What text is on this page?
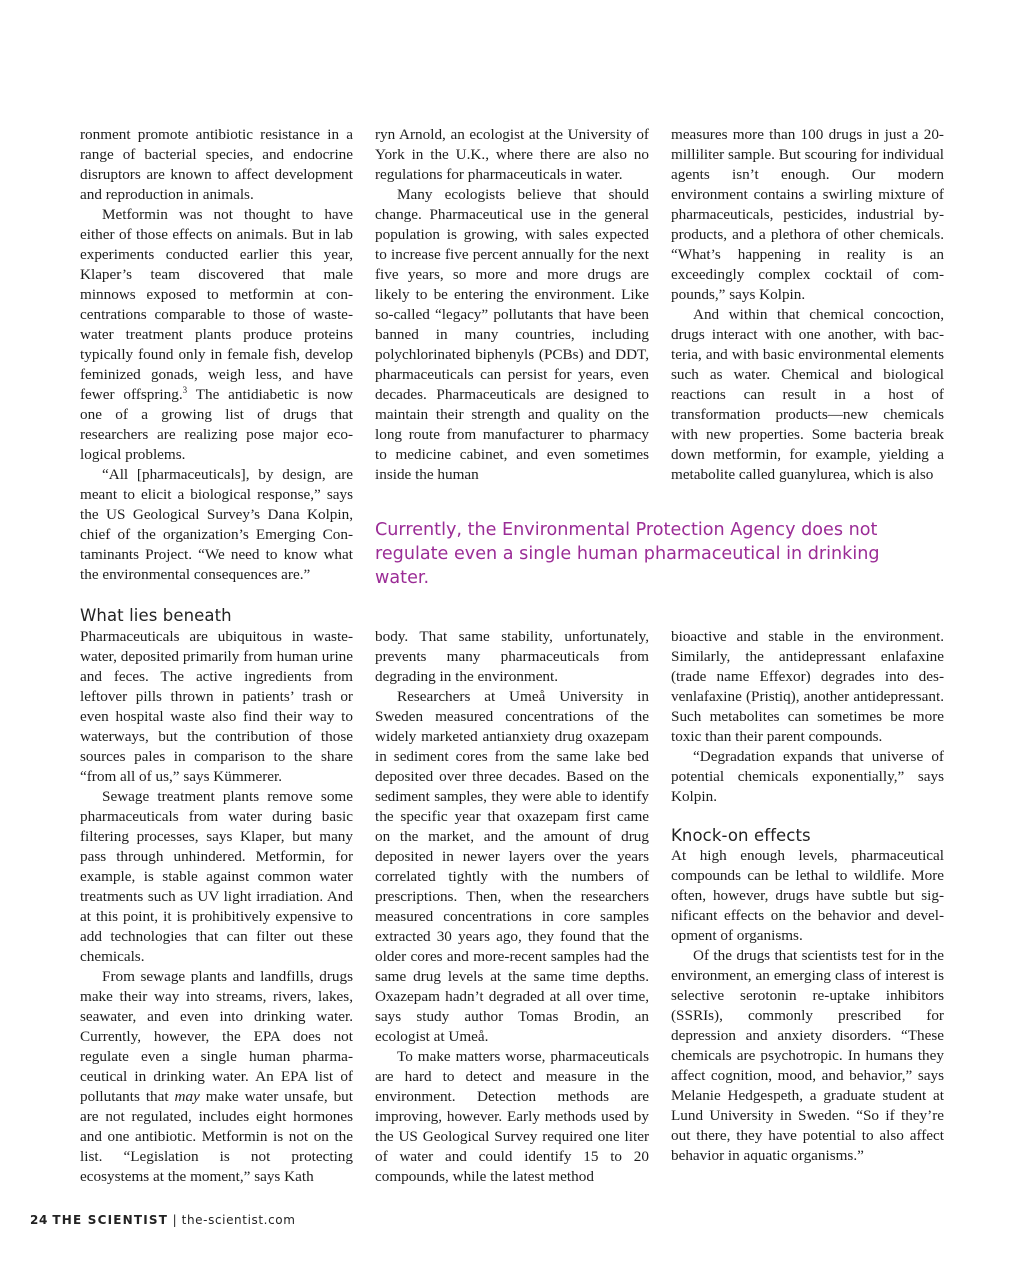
ronment promote antibiotic resistance in a range of bacterial species, and endocrine disruptors are known to affect development and reproduction in animals.

Metformin was not thought to have either of those effects on animals. But in lab experiments conducted earlier this year, Klaper’s team discovered that male minnows exposed to metformin at concentrations comparable to those of wastewater treatment plants produce proteins typically found only in female fish, develop feminized gonads, weigh less, and have fewer offspring.$^3$ The antidiabetic is now one of a growing list of drugs that researchers are realizing pose major ecological problems.

“All [pharmaceuticals], by design, are meant to elicit a biological response,” says the US Geological Survey’s Dana Kolpin, chief of the organization’s Emerging Contaminants Project. “We need to know what the environmental consequences are.”

What lies beneath

Pharmaceuticals are ubiquitous in wastewater, deposited primarily from human urine and feces. The active ingredients from leftover pills thrown in patients’ trash or even hospital waste also find their way to waterways, but the contribution of those sources pales in comparison to the share “from all of us,” says Kümmerer.

Sewage treatment plants remove some pharmaceuticals from water during basic filtering processes, says Klaper, but many pass through unhindered. Metformin, for example, is stable against common water treatments such as UV light irradiation. And at this point, it is prohibitively expensive to add technologies that can filter out these chemicals.

From sewage plants and landfills, drugs make their way into streams, rivers, lakes, seawater, and even into drinking water. Currently, however, the EPA does not regulate even a single human pharmaceutical in drinking water. An EPA list of pollutants that may make water unsafe, but are not regulated, includes eight hormones and one antibiotic. Metformin is not on the list. “Legislation is not protecting ecosystems at the moment,” says Kath

ryn Arnold, an ecologist at the University of York in the U.K., where there are also no regulations for pharmaceuticals in water.

Many ecologists believe that should change. Pharmaceutical use in the general population is growing, with sales expected to increase five percent annually for the next five years, so more and more drugs are likely to be entering the environment. Like so-called “legacy” pollutants that have been banned in many countries, including polychlorinated biphenyls (PCBs) and DDT, pharmaceuticals can persist for years, even decades. Pharmaceuticals are designed to maintain their strength and quality on the long route from manufacturer to pharmacy to medicine cabinet, and even sometimes inside the human

Currently, the Environmental Protection Agency does not regulate even a single human pharmaceutical in drinking water.

body. That same stability, unfortunately, prevents many pharmaceuticals from degrading in the environment.

Researchers at Umeå University in Sweden measured concentrations of the widely marketed antianxiety drug oxazepam in sediment cores from the same lake bed deposited over three decades. Based on the sediment samples, they were able to identify the specific year that oxazepam first came on the market, and the amount of drug deposited in newer layers over the years correlated tightly with the numbers of prescriptions. Then, when the researchers measured concentrations in core samples extracted 30 years ago, they found that the older cores and more-recent samples had the same drug levels at the same time depths. Oxazepam hadn’t degraded at all over time, says study author Tomas Brodin, an ecologist at Umeå.

To make matters worse, pharmaceuticals are hard to detect and measure in the environment. Detection methods are improving, however. Early methods used by the US Geological Survey required one liter of water and could identify 15 to 20 compounds, while the latest method

measures more than 100 drugs in just a 20-milliliter sample. But scouring for individual agents isn’t enough. Our modern environment contains a swirling mixture of pharmaceuticals, pesticides, industrial by-products, and a plethora of other chemicals. “What’s happening in reality is an exceedingly complex cocktail of compounds,” says Kolpin.

And within that chemical concoction, drugs interact with one another, with bacteria, and with basic environmental elements such as water. Chemical and biological reactions can result in a host of transformation products—new chemicals with new properties. Some bacteria break down metformin, for example, yielding a metabolite called guanylurea, which is also

bioactive and stable in the environment. Similarly, the antidepressant enlafaxine (trade name Effexor) degrades into desvenlafaxine (Pristiq), another antidepressant. Such metabolites can sometimes be more toxic than their parent compounds.

“Degradation expands that universe of potential chemicals exponentially,” says Kolpin.

Knock-on effects

At high enough levels, pharmaceutical compounds can be lethal to wildlife. More often, however, drugs have subtle but significant effects on the behavior and development of organisms.

Of the drugs that scientists test for in the environment, an emerging class of interest is selective serotonin re-uptake inhibitors (SSRIs), commonly prescribed for depression and anxiety disorders. “These chemicals are psychotropic. In humans they affect cognition, mood, and behavior,” says Melanie Hedgespeth, a graduate student at Lund University in Sweden. “So if they’re out there, they have potential to also affect behavior in aquatic organisms.”

24 THE SCIENTIST | the-scientist.com
